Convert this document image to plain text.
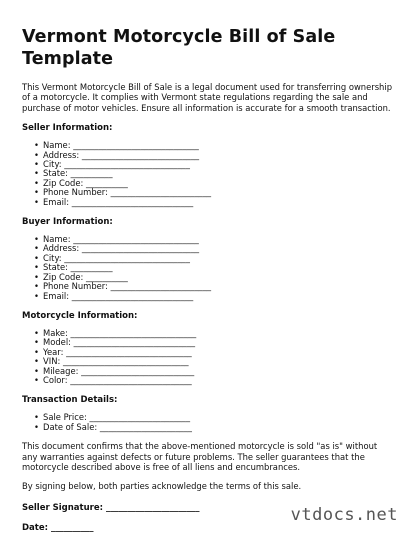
Vermont Motorcycle Bill of Sale Template

This Vermont Motorcycle Bill of Sale is a legal document used for transferring ownership of a motorcycle. It complies with Vermont state regulations regarding the sale and purchase of motor vehicles. Ensure all information is accurate for a smooth transaction.

Seller Information:
• Name: ______________________________
• Address: ____________________________
• City: ______________________________
• State: __________
• Zip Code: __________
• Phone Number: ________________________
• Email: _____________________________
Buyer Information:
• Name: ______________________________
• Address: ____________________________
• City: ______________________________
• State: __________
• Zip Code: __________
• Phone Number: ________________________
• Email: _____________________________
Motorcycle Information:
• Make: ______________________________
• Model: _____________________________
• Year: ______________________________
• VIN: ______________________________
• Mileage: ___________________________
• Color: _____________________________
Transaction Details:
• Sale Price: ________________________
• Date of Sale: ______________________

This document confirms that the above-mentioned motorcycle is sold "as is" without any warranties against defects or future problems. The seller guarantees that the motorcycle described above is free of all liens and encumbrances.

By signing below, both parties acknowledge the terms of this sale.

Seller Signature: ______________________
Date: __________
vtdocs.net
